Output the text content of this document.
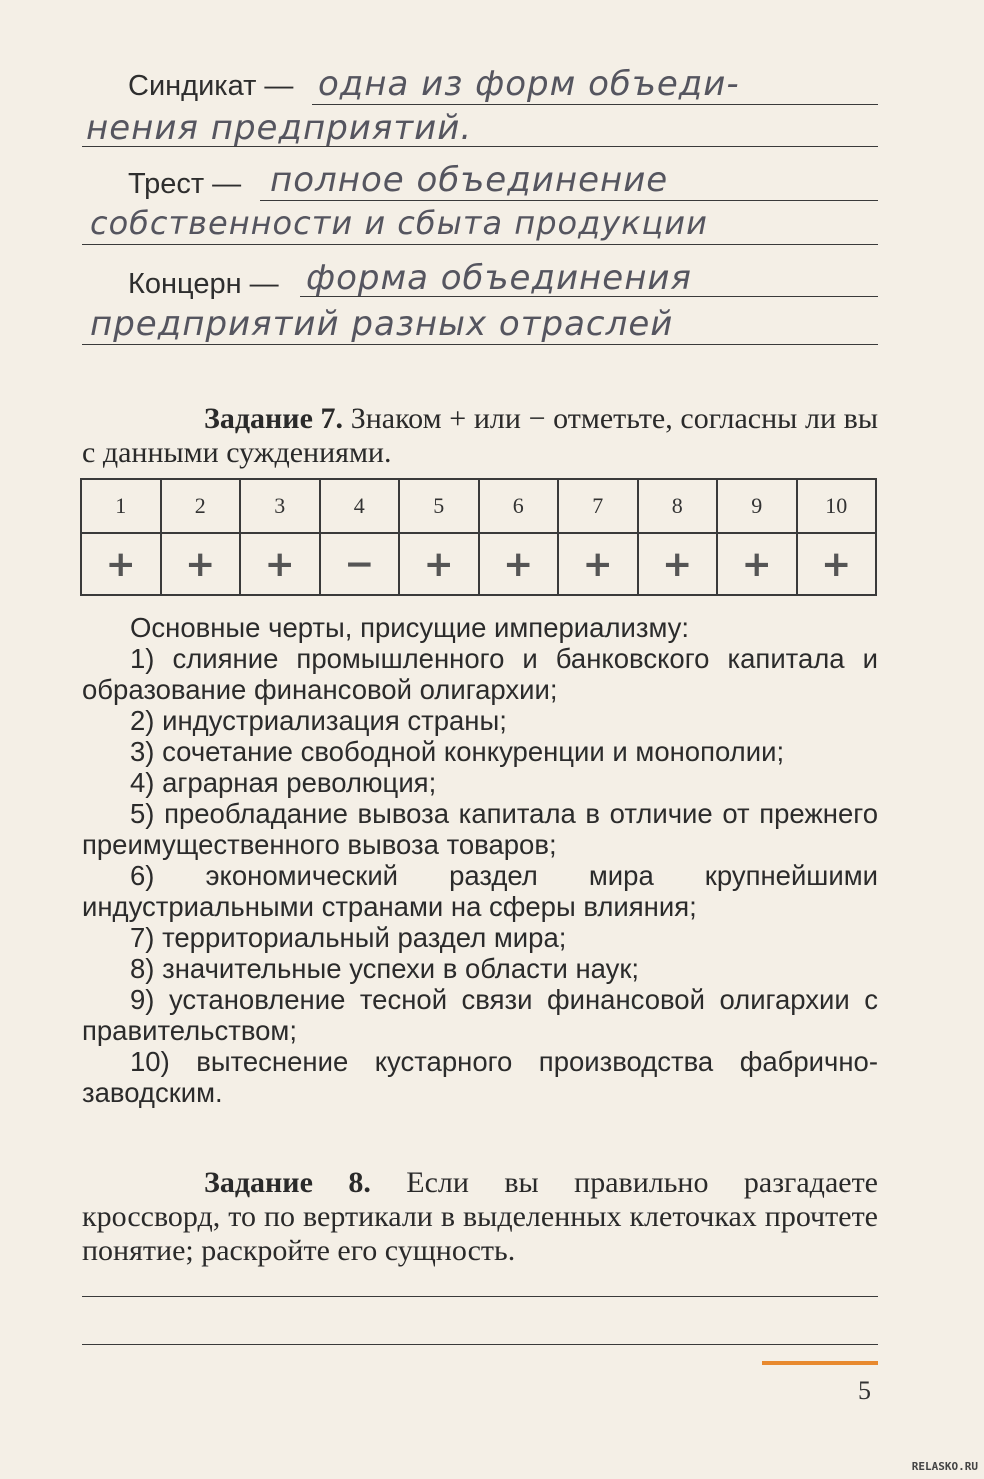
Синдикат — одна из форм объеди-
нения предприятий.
Трест — полное объединение
собственности и сбыта продукции
Концерн — форма объединения
предприятий разных отраслей
Задание 7. Знаком + или − отметьте, согласны ли вы с данными суждениями.
1	2	3	4	5	6	7	8	9	10
+	+	+	−	+	+	+	+	+	+

Основные черты, присущие империализму:

1) слияние промышленного и банковского капитала и образование финансовой олигархии;

2) индустриализация страны;

3) сочетание свободной конкуренции и монополии;

4) аграрная революция;

5) преобладание вывоза капитала в отличие от прежнего преимущественного вывоза товаров;

6) экономический раздел мира крупнейшими индустриальными странами на сферы влияния;

7) территориальный раздел мира;

8) значительные успехи в области наук;

9) установление тесной связи финансовой олигархии с правительством;

10) вытеснение кустарного производства фабрично-заводским.

Задание 8. Если вы правильно разгадаете кроссворд, то по вертикали в выделенных клеточках прочтете понятие; раскройте его сущность.
5
RELASKO.RU
